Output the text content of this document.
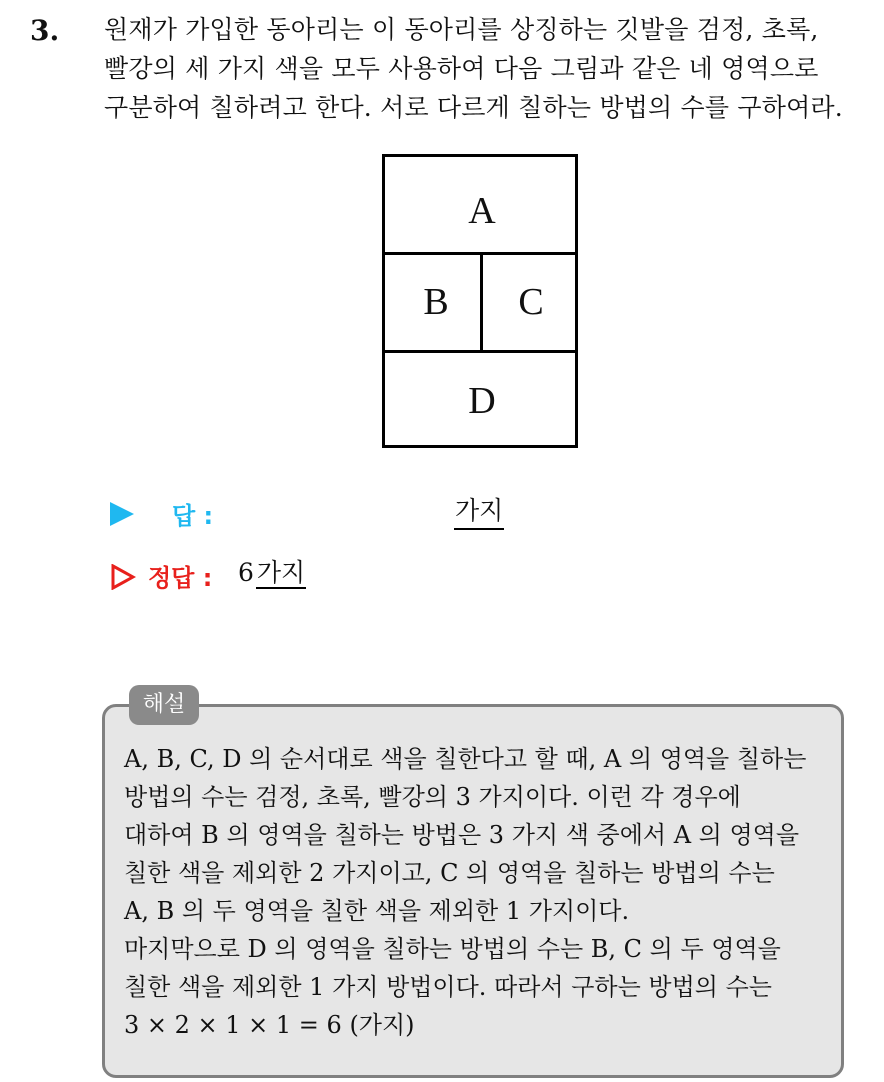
3. 원재가 가입한 동아리는 이 동아리를 상징하는 깃발을 검정, 초록,
빨강의 세 가지 색을 모두 사용하여 다음 그림과 같은 네 영역으로
구분하여 칠하려고 한다. 서로 다르게 칠하는 방법의 수를 구하여라.
A
B C
D
답 :	가지
정답 : 6 가지
해설
A, B, C, D 의 순서대로 색을 칠한다고 할 때, A 의 영역을 칠하는
방법의 수는 검정, 초록, 빨강의 3 가지이다. 이런 각 경우에
대하여 B 의 영역을 칠하는 방법은 3 가지 색 중에서 A 의 영역을
칠한 색을 제외한 2 가지이고, C 의 영역을 칠하는 방법의 수는
A, B 의 두 영역을 칠한 색을 제외한 1 가지이다.
마지막으로 D 의 영역을 칠하는 방법의 수는 B, C 의 두 영역을
칠한 색을 제외한 1 가지 방법이다. 따라서 구하는 방법의 수는
3 × 2 × 1 × 1 = 6 (가지)
